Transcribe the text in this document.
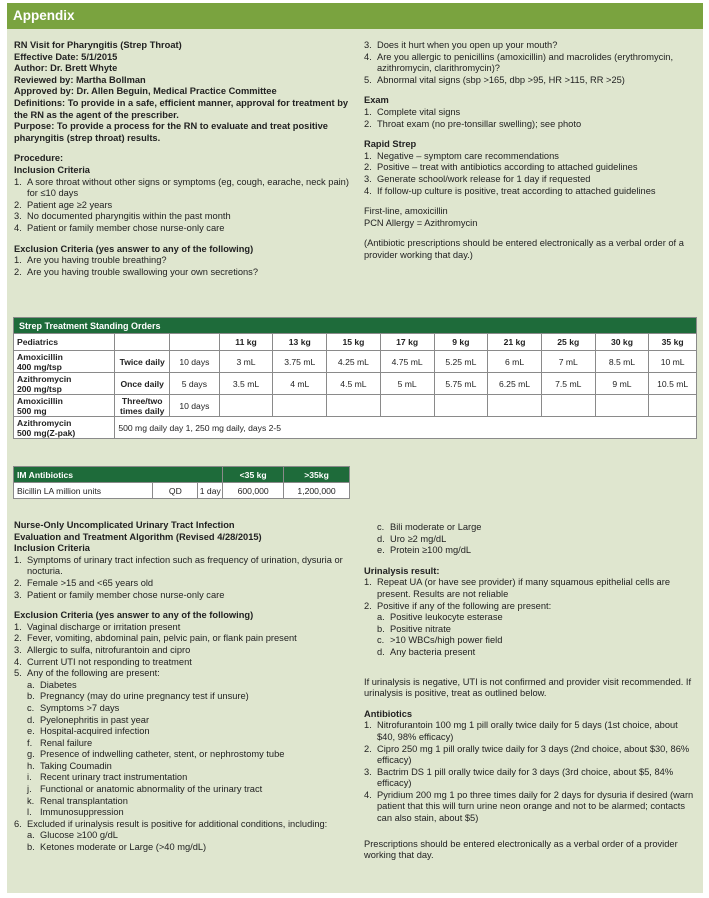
Appendix
RN Visit for Pharyngitis (Strep Throat)
Effective Date: 5/1/2015
Author: Dr. Brett Whyte
Reviewed by: Martha Bollman
Approved by: Dr. Allen Beguin, Medical Practice Committee
Definitions: To provide in a safe, efficient manner, approval for treatment by the RN as the agent of the prescriber.
Purpose: To provide a process for the RN to evaluate and treat positive pharyngitis (strep throat) results.
Procedure:
Inclusion Criteria
1. A sore throat without other signs or symptoms (eg, cough, earache, neck pain) for ≤10 days
2. Patient age ≥2 years
3. No documented pharyngitis within the past month
4. Patient or family member chose nurse-only care
Exclusion Criteria (yes answer to any of the following)
1. Are you having trouble breathing?
2. Are you having trouble swallowing your own secretions?
3. Does it hurt when you open up your mouth?
4. Are you allergic to penicillins (amoxicillin) and macrolides (erythromycin, azithromycin, clarithromycin)?
5. Abnormal vital signs (sbp >165, dbp >95, HR >115, RR >25)
Exam
1. Complete vital signs
2. Throat exam (no pre-tonsillar swelling); see photo
Rapid Strep
1. Negative – symptom care recommendations
2. Positive – treat with antibiotics according to attached guidelines
3. Generate school/work release for 1 day if requested
4. If follow-up culture is positive, treat according to attached guidelines
First-line, amoxicillin
PCN Allergy = Azithromycin
(Antibiotic prescriptions should be entered electronically as a verbal order of a provider working that day.)
Strep Treatment Standing Orders											
Pediatrics			11 kg	13 kg	15 kg	17 kg	9 kg	21 kg	25 kg	30 kg	35 kg

Amoxicillin
400 mg/tsp	Twice daily	10 days	3 mL	3.75 mL	4.25 mL	4.75 mL	5.25 mL	6 mL	7 mL	8.5 mL	10 mL

Azithromycin
200 mg/tsp	Once daily	5 days	3.5 mL	4 mL	4.5 mL	5 mL	5.75 mL	6.25 mL	7.5 mL	9 mL	10.5 mL

Amoxicillin
500 mg	Three/two times daily	10 days									

Azithromycin
500 mg(Z-pak)	500 mg daily day 1, 250 mg daily, days 2-5										
IM Antibiotics			<35 kg	>35kg
Bicillin LA million units	QD	1 day	600,000	1,200,000
Nurse-Only Uncomplicated Urinary Tract Infection
Evaluation and Treatment Algorithm (Revised 4/28/2015)
Inclusion Criteria
1. Symptoms of urinary tract infection such as frequency of urination, dysuria or nocturia.
2. Female >15 and <65 years old
3. Patient or family member chose nurse-only care
Exclusion Criteria (yes answer to any of the following)
1. Vaginal discharge or irritation present
2. Fever, vomiting, abdominal pain, pelvic pain, or flank pain present
3. Allergic to sulfa, nitrofurantoin and cipro
4. Current UTI not responding to treatment
5. Any of the following are present:
a. Diabetes
b. Pregnancy (may do urine pregnancy test if unsure)
c. Symptoms >7 days
d. Pyelonephritis in past year
e. Hospital-acquired infection
f. Renal failure
g. Presence of indwelling catheter, stent, or nephrostomy tube
h. Taking Coumadin
i. Recent urinary tract instrumentation
j. Functional or anatomic abnormality of the urinary tract
k. Renal transplantation
l. Immunosuppression
6. Excluded if urinalysis result is positive for additional conditions, including:
a. Glucose ≥100 g/dL
b. Ketones moderate or Large (>40 mg/dL)
c. Bili moderate or Large
d. Uro ≥2 mg/dL
e. Protein ≥100 mg/dL
Urinalysis result:
1. Repeat UA (or have see provider) if many squamous epithelial cells are present. Results are not reliable
2. Positive if any of the following are present:
a. Positive leukocyte esterase
b. Positive nitrate
c. >10 WBCs/high power field
d. Any bacteria present
If urinalysis is negative, UTI is not confirmed and provider visit recommended. If urinalysis is positive, treat as outlined below.
Antibiotics
1. Nitrofurantoin 100 mg 1 pill orally twice daily for 5 days (1st choice, about $40, 98% efficacy)
2. Cipro 250 mg 1 pill orally twice daily for 3 days (2nd choice, about $30, 86% efficacy)
3. Bactrim DS 1 pill orally twice daily for 3 days (3rd choice, about $5, 84% efficacy)
4. Pyridium 200 mg 1 po three times daily for 2 days for dysuria if desired (warn patient that this will turn urine neon orange and not to be alarmed; contacts can also stain, about $5)
Prescriptions should be entered electronically as a verbal order of a provider working that day.
